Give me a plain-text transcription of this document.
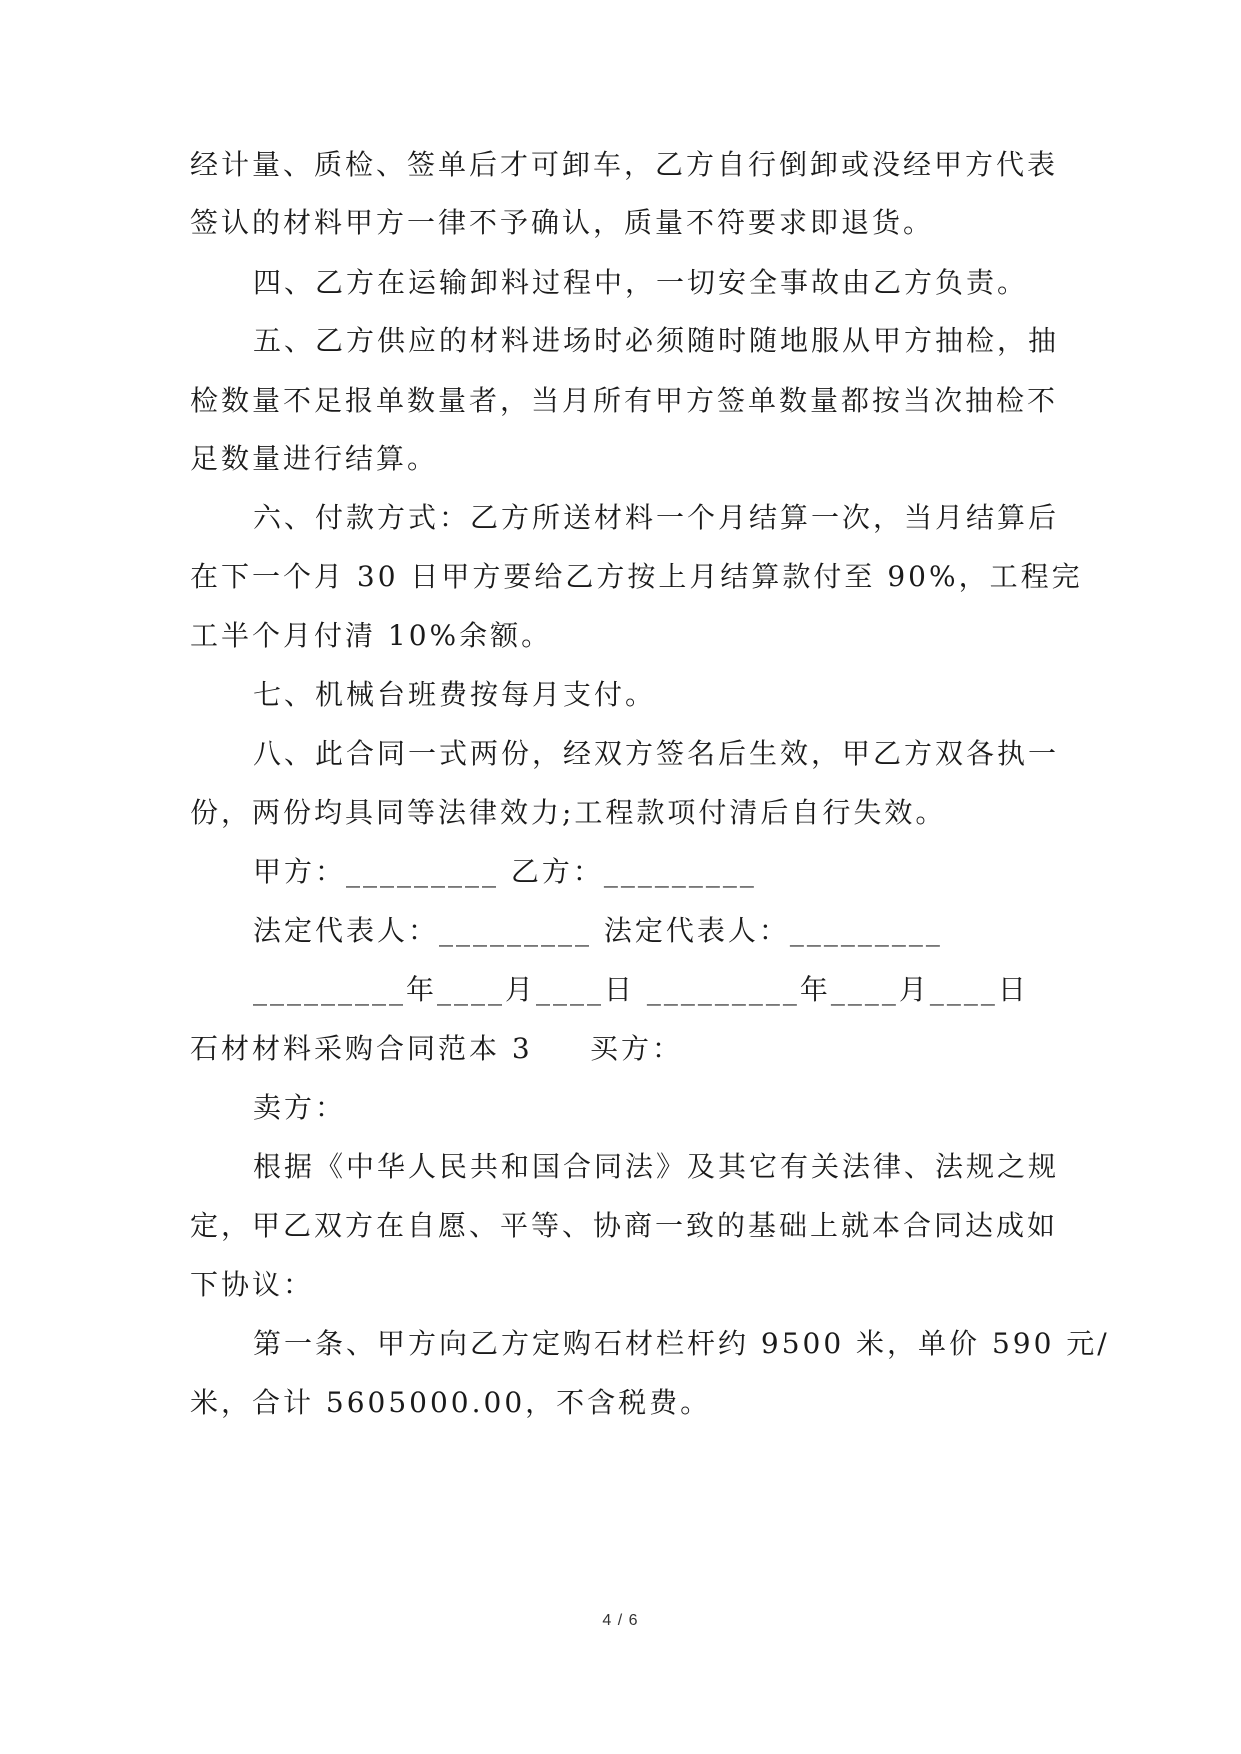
经计量、质检、签单后才可卸车，乙方自行倒卸或没经甲方代表
签认的材料甲方一律不予确认，质量不符要求即退货。
四、乙方在运输卸料过程中，一切安全事故由乙方负责。
五、乙方供应的材料进场时必须随时随地服从甲方抽检，抽
检数量不足报单数量者，当月所有甲方签单数量都按当次抽检不
足数量进行结算。
六、付款方式：乙方所送材料一个月结算一次，当月结算后
在下一个月 30 日甲方要给乙方按上月结算款付至 90%，工程完
工半个月付清 10%余额。
七、机械台班费按每月支付。
八、此合同一式两份，经双方签名后生效，甲乙方双各执一
份，两份均具同等法律效力;工程款项付清后自行失效。
甲方：_________ 乙方：_________
法定代表人：_________ 法定代表人：_________
_________年____月____日 _________年____月____日
石材材料采购合同范本 3 买方：
卖方：
根据《中华人民共和国合同法》及其它有关法律、法规之规
定，甲乙双方在自愿、平等、协商一致的基础上就本合同达成如
下协议：
第一条、甲方向乙方定购石材栏杆约 9500 米，单价 590 元/
米，合计 5605000.00，不含税费。
4 / 6
